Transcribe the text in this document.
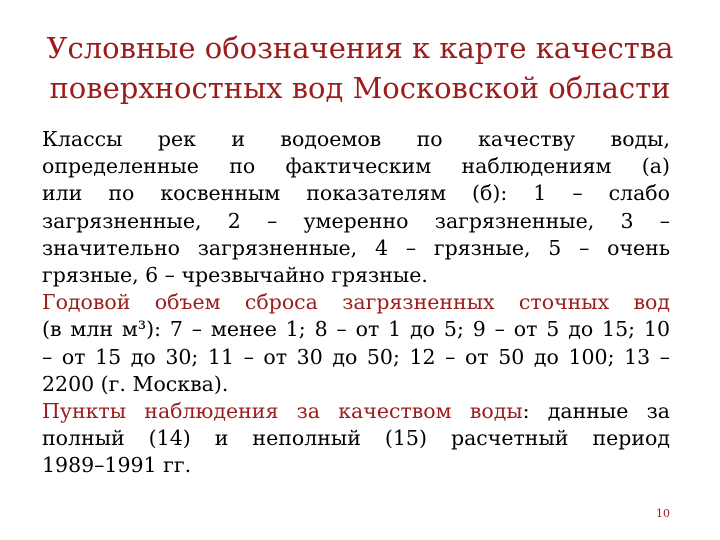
Условные обозначения к карте качества
поверхностных вод Московской области

Классы рек и водоемов по качеству воды,
определенные по фактическим наблюдениям (а)
или по косвенным показателям (б): 1 – слабо
загрязненные, 2 – умеренно загрязненные, 3 –
значительно загрязненные, 4 – грязные, 5 – очень
грязные, 6 – чрезвычайно грязные.

Годовой объем сброса загрязненных сточных вод
(в млн м³): 7 – менее 1; 8 – от 1 до 5; 9 – от 5 до 15; 10
– от 15 до 30; 11 – от 30 до 50; 12 – от 50 до 100; 13 –
2200 (г. Москва).

Пункты наблюдения за качеством воды: данные за
полный (14) и неполный (15) расчетный период
1989–1991 гг.

10
